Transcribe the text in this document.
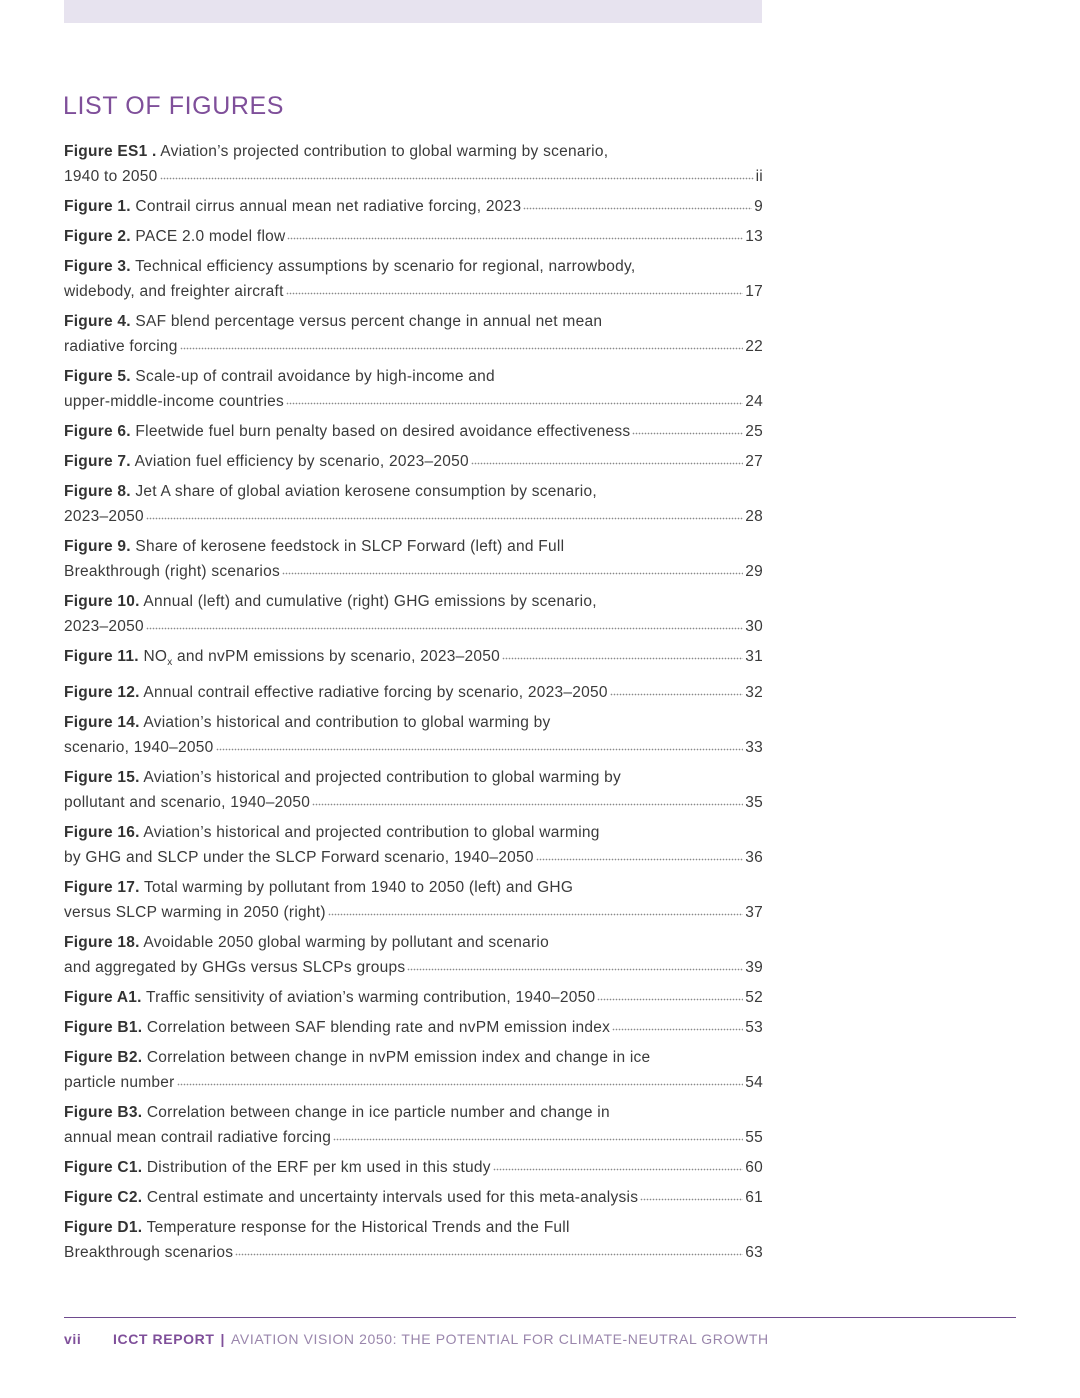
LIST OF FIGURES
Figure ES1 . Aviation’s projected contribution to global warming by scenario,
1940 to 2050	ii
Figure 1. Contrail cirrus annual mean net radiative forcing, 2023	9
Figure 2. PACE 2.0 model flow	13
Figure 3. Technical efficiency assumptions by scenario for regional, narrowbody,
widebody, and freighter aircraft	17
Figure 4. SAF blend percentage versus percent change in annual net mean
radiative forcing	22
Figure 5. Scale-up of contrail avoidance by high-income and
upper-middle-income countries	24
Figure 6. Fleetwide fuel burn penalty based on desired avoidance effectiveness	25
Figure 7. Aviation fuel efficiency by scenario, 2023–2050	27
Figure 8. Jet A share of global aviation kerosene consumption by scenario,
2023–2050	28
Figure 9. Share of kerosene feedstock in SLCP Forward (left) and Full
Breakthrough (right) scenarios	29
Figure 10. Annual (left) and cumulative (right) GHG emissions by scenario,
2023–2050	30
Figure 11. $NO_x$ and nvPM emissions by scenario, 2023–2050	31
Figure 12. Annual contrail effective radiative forcing by scenario, 2023–2050	32
Figure 14. Aviation’s historical and contribution to global warming by
scenario, 1940–2050	33
Figure 15. Aviation’s historical and projected contribution to global warming by
pollutant and scenario, 1940–2050	35
Figure 16. Aviation’s historical and projected contribution to global warming
by GHG and SLCP under the SLCP Forward scenario, 1940–2050	36
Figure 17. Total warming by pollutant from 1940 to 2050 (left) and GHG
versus SLCP warming in 2050 (right)	37
Figure 18. Avoidable 2050 global warming by pollutant and scenario
and aggregated by GHGs versus SLCPs groups	39
Figure A1. Traffic sensitivity of aviation’s warming contribution, 1940–2050	52
Figure B1. Correlation between SAF blending rate and nvPM emission index	53
Figure B2. Correlation between change in nvPM emission index and change in ice
particle number	54
Figure B3. Correlation between change in ice particle number and change in
annual mean contrail radiative forcing	55
Figure C1. Distribution of the ERF per km used in this study	60
Figure C2. Central estimate and uncertainty intervals used for this meta-analysis	61
Figure D1. Temperature response for the Historical Trends and the Full
Breakthrough scenarios	63
vii ICCT REPORT | AVIATION VISION 2050: THE POTENTIAL FOR CLIMATE-NEUTRAL GROWTH
